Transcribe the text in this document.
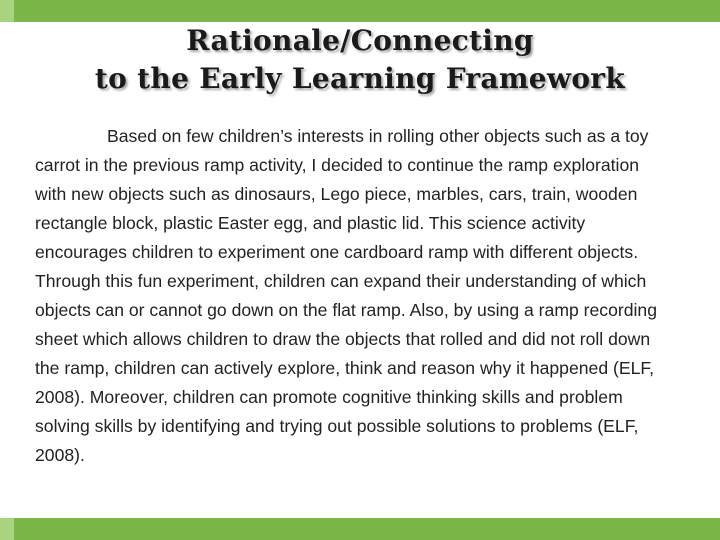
Rationale/Connecting
to the Early Learning Framework

Based on few children’s interests in rolling other objects such as a toy carrot in the previous ramp activity, I decided to continue the ramp exploration with new objects such as dinosaurs, Lego piece, marbles, cars, train, wooden rectangle block, plastic Easter egg, and plastic lid. This science activity encourages children to experiment one cardboard ramp with different objects. Through this fun experiment, children can expand their understanding of which objects can or cannot go down on the flat ramp. Also, by using a ramp recording sheet which allows children to draw the objects that rolled and did not roll down the ramp, children can actively explore, think and reason why it happened (ELF, 2008). Moreover, children can promote cognitive thinking skills and problem solving skills by identifying and trying out possible solutions to problems (ELF, 2008).
